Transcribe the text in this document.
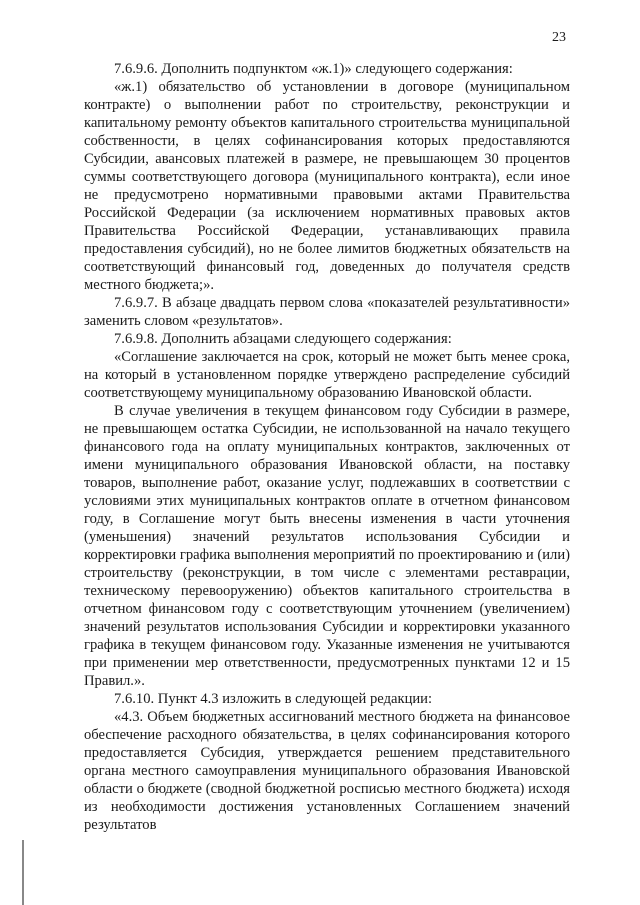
23

7.6.9.6. Дополнить подпунктом «ж.1)» следующего содержания:

«ж.1) обязательство об установлении в договоре (муниципальном контракте) о выполнении работ по строительству, реконструкции и капитальному ремонту объектов капитального строительства муниципальной собственности, в целях софинансирования которых предоставляются Субсидии, авансовых платежей в размере, не превышающем 30 процентов суммы соответствующего договора (муниципального контракта), если иное не предусмотрено нормативными правовыми актами Правительства Российской Федерации (за исключением нормативных правовых актов Правительства Российской Федерации, устанавливающих правила предоставления субсидий), но не более лимитов бюджетных обязательств на соответствующий финансовый год, доведенных до получателя средств местного бюджета;».

7.6.9.7. В абзаце двадцать первом слова «показателей результативности» заменить словом «результатов».

7.6.9.8. Дополнить абзацами следующего содержания:

«Соглашение заключается на срок, который не может быть менее срока, на который в установленном порядке утверждено распределение субсидий соответствующему муниципальному образованию Ивановской области.

В случае увеличения в текущем финансовом году Субсидии в размере, не превышающем остатка Субсидии, не использованной на начало текущего финансового года на оплату муниципальных контрактов, заключенных от имени муниципального образования Ивановской области, на поставку товаров, выполнение работ, оказание услуг, подлежавших в соответствии с условиями этих муниципальных контрактов оплате в отчетном финансовом году, в Соглашение могут быть внесены изменения в части уточнения (уменьшения) значений результатов использования Субсидии и корректировки графика выполнения мероприятий по проектированию и (или) строительству (реконструкции, в том числе с элементами реставрации, техническому перевооружению) объектов капитального строительства в отчетном финансовом году с соответствующим уточнением (увеличением) значений результатов использования Субсидии и корректировки указанного графика в текущем финансовом году. Указанные изменения не учитываются при применении мер ответственности, предусмотренных пунктами 12 и 15 Правил.».

7.6.10. Пункт 4.3 изложить в следующей редакции:

«4.3. Объем бюджетных ассигнований местного бюджета на финансовое обеспечение расходного обязательства, в целях софинансирования которого предоставляется Субсидия, утверждается решением представительного органа местного самоуправления муниципального образования Ивановской области о бюджете (сводной бюджетной росписью местного бюджета) исходя из необходимости достижения установленных Соглашением значений результатов
